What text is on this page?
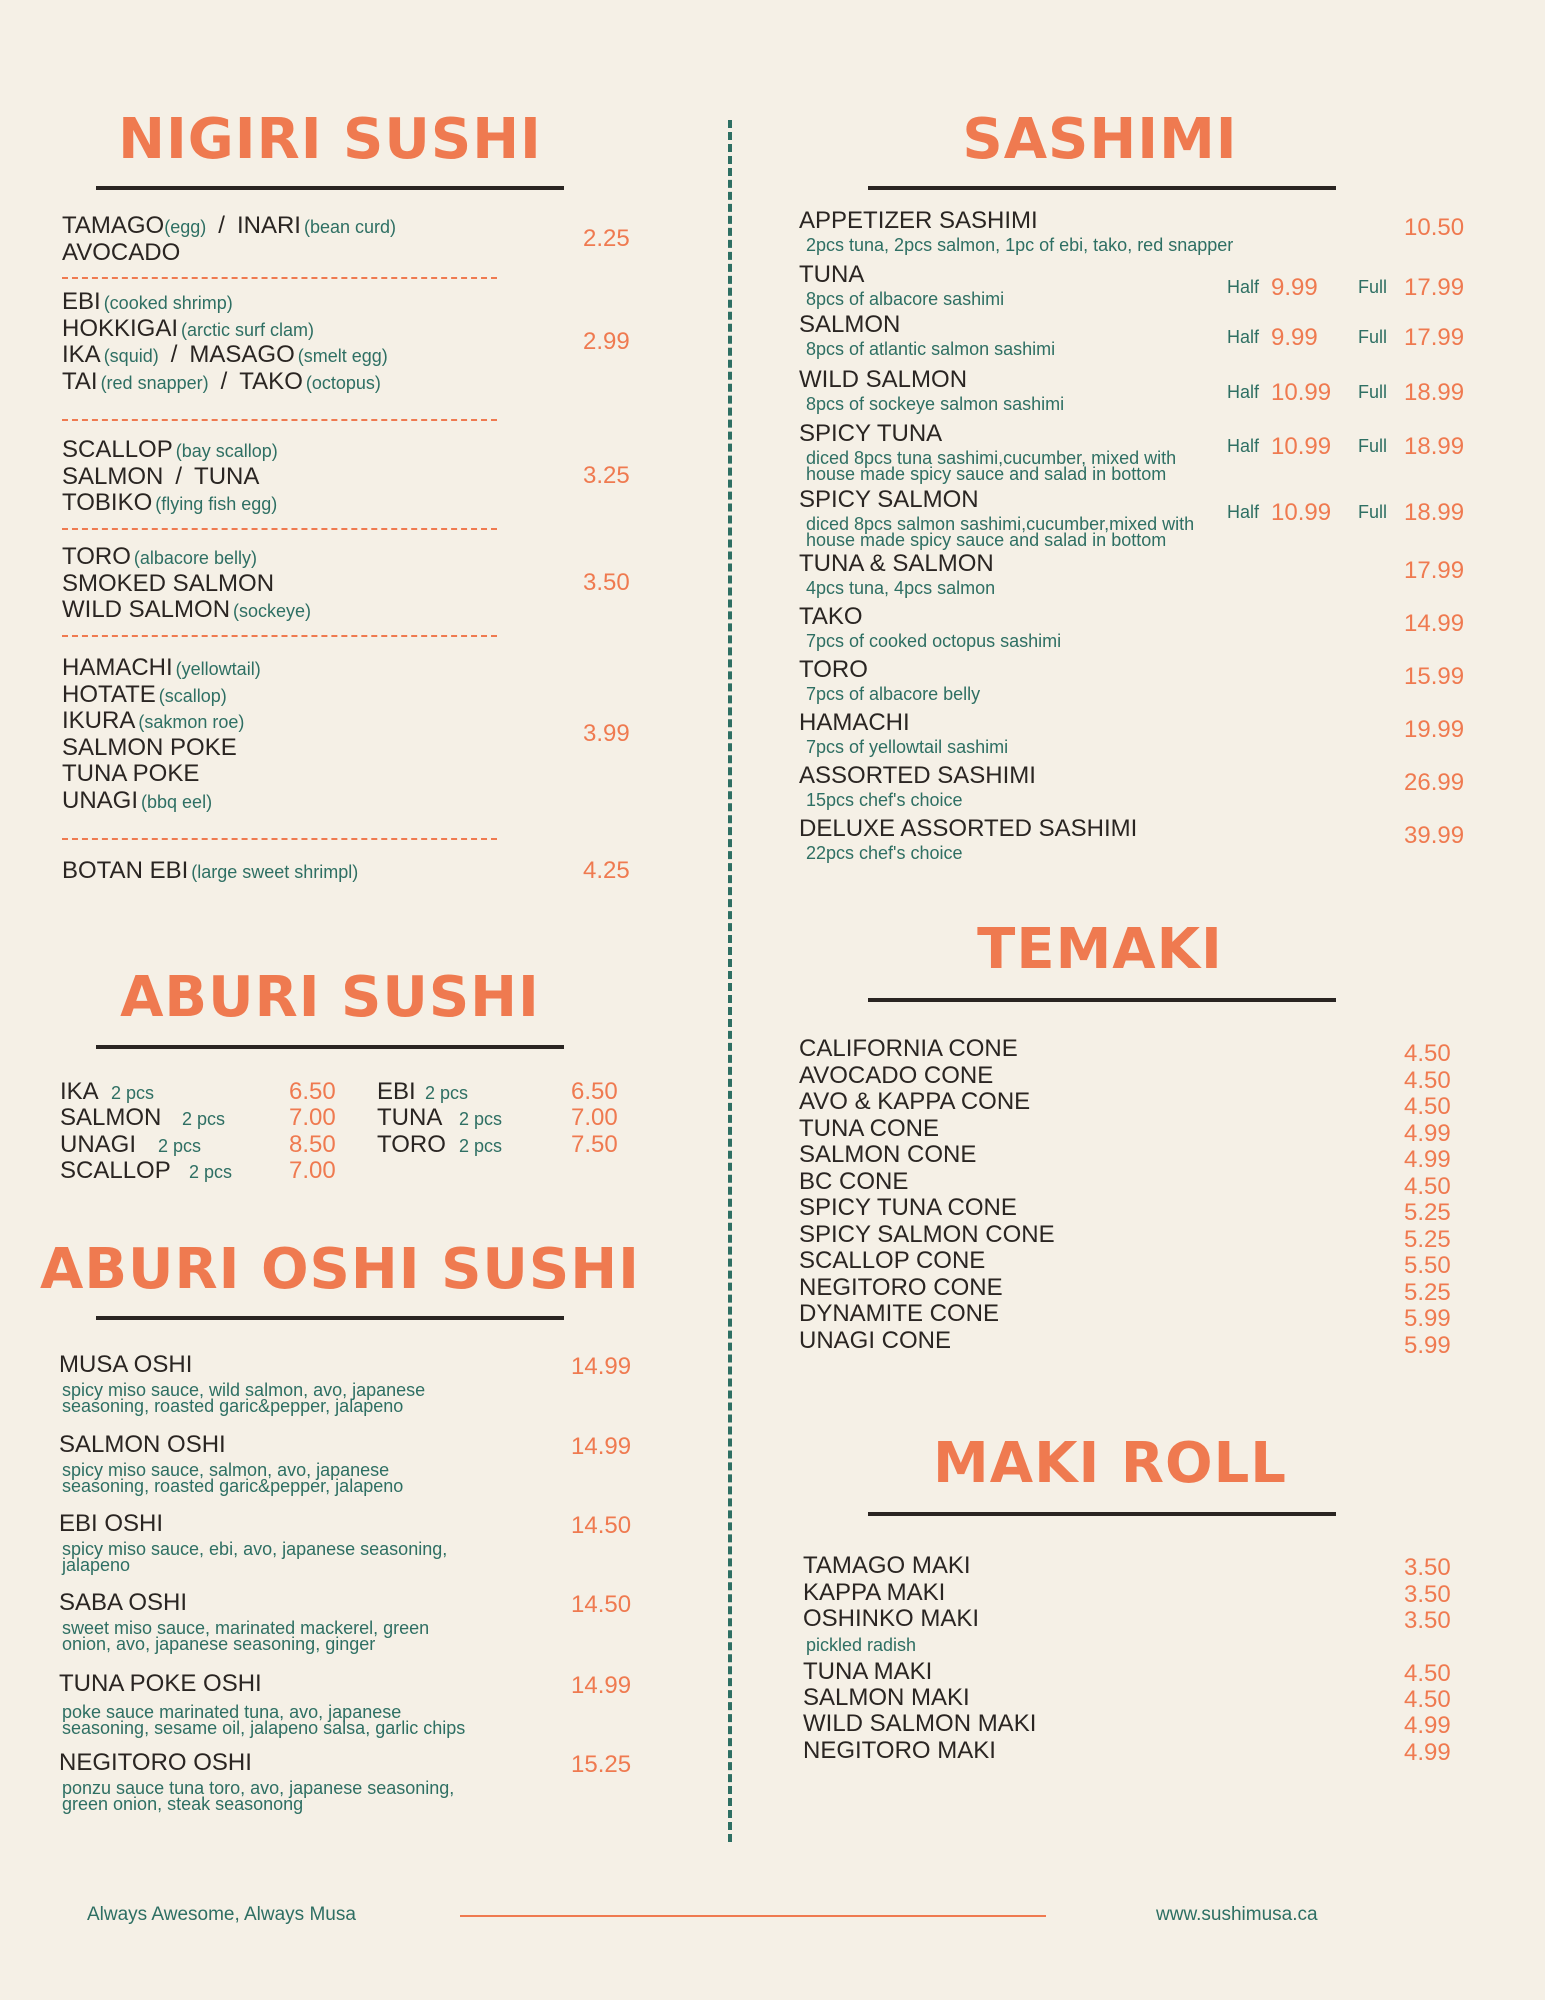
NIGIRI SUSHI	SASHIMI
ABURI SUSHI
ABURI OSHI SUSHI
TEMAKI
MAKI ROLL
TAMAGO(egg) / INARI (bean curd)
AVOCADO	2.25
EBI (cooked shrimp)
HOKKIGAI (arctic surf clam)
IKA (squid) / MASAGO (smelt egg)
TAI (red snapper) / TAKO (octopus)
2.99
SCALLOP (bay scallop)
SALMON / TUNA
TOBIKO (flying fish egg)
3.25
TORO (albacore belly)
SMOKED SALMON
WILD SALMON (sockeye)
3.50
HAMACHI (yellowtail)
HOTATE (scallop)
IKURA (sakmon roe)
SALMON POKE
TUNA POKE
UNAGI (bbq eel)
3.99
BOTAN EBI (large sweet shrimpl)	4.25
IKA 2 pcs	6.50
SALMON 2 pcs	7.00
UNAGI 2 pcs	8.50
SCALLOP 2 pcs 7.00
EBI 2 pcs	6.50
TUNA 2 pcs	7.00
TORO 2 pcs	7.50
MUSA OSHI	14.99
spicy miso sauce, wild salmon, avo, japanese
seasoning, roasted garic&pepper, jalapeno
SALMON OSHI	14.99
spicy miso sauce, salmon, avo, japanese
seasoning, roasted garic&pepper, jalapeno
EBI OSHI	14.50
spicy miso sauce, ebi, avo, japanese seasoning,
jalapeno
SABA OSHI	14.50
sweet miso sauce, marinated mackerel, green
onion, avo, japanese seasoning, ginger
TUNA POKE OSHI	14.99
poke sauce marinated tuna, avo, japanese
seasoning, sesame oil, jalapeno salsa, garlic chips
NEGITORO OSHI	15.25
ponzu sauce tuna toro, avo, japanese seasoning,
green onion, steak seasonong
APPETIZER SASHIMI
2pcs tuna, 2pcs salmon, 1pc of ebi, tako, red snapper
10.50
TUNA
8pcs of albacore sashimi
Half 9.99 Full 17.99
SALMON
8pcs of atlantic salmon sashimi
Half 9.99 Full 17.99
WILD SALMON
8pcs of sockeye salmon sashimi
Half 10.99 Full 18.99
SPICY TUNA
diced 8pcs tuna sashimi,cucumber, mixed with
house made spicy sauce and salad in bottom
Half 10.99 Full 18.99
SPICY SALMON
diced 8pcs salmon sashimi,cucumber,mixed with
house made spicy sauce and salad in bottom
Half 10.99 Full 18.99
TUNA & SALMON
4pcs tuna, 4pcs salmon
17.99
TAKO
7pcs of cooked octopus sashimi
14.99
TORO
7pcs of albacore belly
15.99
HAMACHI
7pcs of yellowtail sashimi
19.99
ASSORTED SASHIMI
15pcs chef's choice
26.99
DELUXE ASSORTED SASHIMI
22pcs chef's choice
39.99
CALIFORNIA CONE	4.50
AVOCADO CONE	4.50
AVO & KAPPA CONE	4.50
TUNA CONE	4.99
SALMON CONE	4.99
BC CONE	4.50
SPICY TUNA CONE	5.25
SPICY SALMON CONE	5.25
SCALLOP CONE	5.50
NEGITORO CONE	5.25
DYNAMITE CONE	5.99
UNAGI CONE	5.99
TAMAGO MAKI	3.50
KAPPA MAKI	3.50
OSHINKO MAKI	3.50
pickled radish
TUNA MAKI	4.50
SALMON MAKI	4.50
WILD SALMON MAKI	4.99
NEGITORO MAKI	4.99
Always Awesome, Always Musa	www.sushimusa.ca
